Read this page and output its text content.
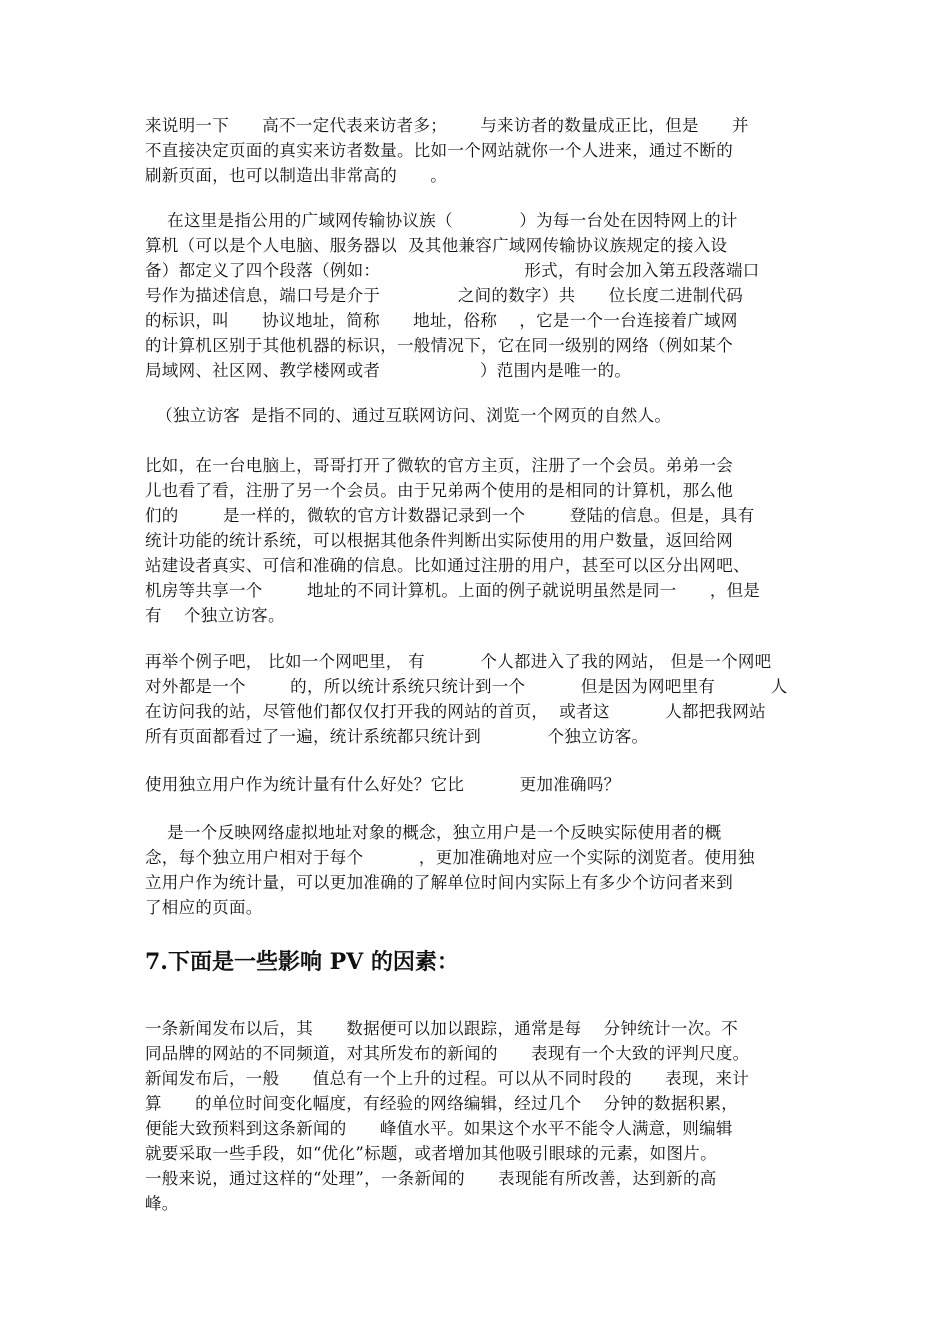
来说明一下      高不一定代表来访者多；      与来访者的数量成正比，但是      并
不直接决定页面的真实来访者数量。比如一个网站就你一个人进来，通过不断的
刷新页面，也可以制造出非常高的      。
在这里是指公用的广域网传输协议族（            ）为每一台处在因特网上的计
算机（可以是个人电脑、服务器以  及其他兼容广域网传输协议族规定的接入设
备）都定义了四个段落（例如：                          形式，有时会加入第五段落端口
号作为描述信息，端口号是介于              之间的数字）共      位长度二进制代码
的标识，叫      协议地址，简称      地址，俗称    ，它是一个一台连接着广域网
的计算机区别于其他机器的标识，一般情况下，它在同一级别的网络（例如某个
局域网、社区网、教学楼网或者                  ）范围内是唯一的。
（独立访客  是指不同的、通过互联网访问、浏览一个网页的自然人。
比如，在一台电脑上，哥哥打开了微软的官方主页，注册了一个会员。弟弟一会
儿也看了看，注册了另一个会员。由于兄弟两个使用的是相同的计算机，那么他
们的        是一样的，微软的官方计数器记录到一个        登陆的信息。但是，具有
统计功能的统计系统，可以根据其他条件判断出实际使用的用户数量，返回给网
站建设者真实、可信和准确的信息。比如通过注册的用户，甚至可以区分出网吧、
机房等共享一个        地址的不同计算机。上面的例子就说明虽然是同一      ，但是
有    个独立访客。
再举个例子吧， 比如一个网吧里， 有          个人都进入了我的网站， 但是一个网吧
对外都是一个        的，所以统计系统只统计到一个          但是因为网吧里有          人
在访问我的站，尽管他们都仅仅打开我的网站的首页，  或者这          人都把我网站
所有页面都看过了一遍，统计系统都只统计到            个独立访客。
使用独立用户作为统计量有什么好处？它比          更加准确吗？
是一个反映网络虚拟地址对象的概念，独立用户是一个反映实际使用者的概
念，每个独立用户相对于每个          ，更加准确地对应一个实际的浏览者。使用独
立用户作为统计量，可以更加准确的了解单位时间内实际上有多少个访问者来到
了相应的页面。
7.下面是一些影响 PV 的因素：
一条新闻发布以后，其      数据便可以加以跟踪，通常是每    分钟统计一次。不
同品牌的网站的不同频道，对其所发布的新闻的      表现有一个大致的评判尺度。
新闻发布后，一般      值总有一个上升的过程。可以从不同时段的      表现，来计
算      的单位时间变化幅度，有经验的网络编辑，经过几个    分钟的数据积累，
便能大致预料到这条新闻的      峰值水平。如果这个水平不能令人满意，则编辑
就要采取一些手段，如“优化”标题，或者增加其他吸引眼球的元素，如图片。
一般来说，通过这样的“处理”，一条新闻的      表现能有所改善，达到新的高
峰。
